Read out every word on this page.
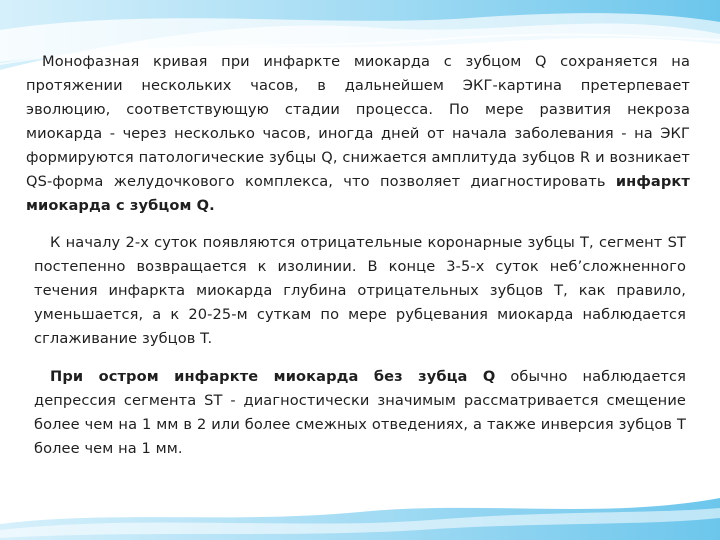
Монофазная кривая при инфаркте миокарда с зубцом Q сохраняется на протяжении нескольких часов, в дальнейшем ЭКГ-картина претерпевает эволюцию, соответствующую стадии процесса. По мере развития некроза миокарда - через несколько часов, иногда дней от начала заболевания - на ЭКГ формируются патологические зубцы Q, снижается амплитуда зубцов R и возникает QS-форма желудочкового комплекса, что позволяет диагностировать инфаркт миокарда с зубцом Q.

К началу 2-х суток появляются отрицательные коронарные зубцы T, сегмент ST постепенно возвращается к изолинии. В конце 3-5-х суток неб’сложненного течения инфаркта миокарда глубина отрицательных зубцов T, как правило, уменьшается, а к 20-25-м суткам по мере рубцевания миокарда наблюдается сглаживание зубцов T.

При остром инфаркте миокарда без зубца Q обычно наблюдается депрессия сегмента ST - диагностически значимым рассматривается смещение более чем на 1 мм в 2 или более смежных отведениях, а также инверсия зубцов T более чем на 1 мм.
